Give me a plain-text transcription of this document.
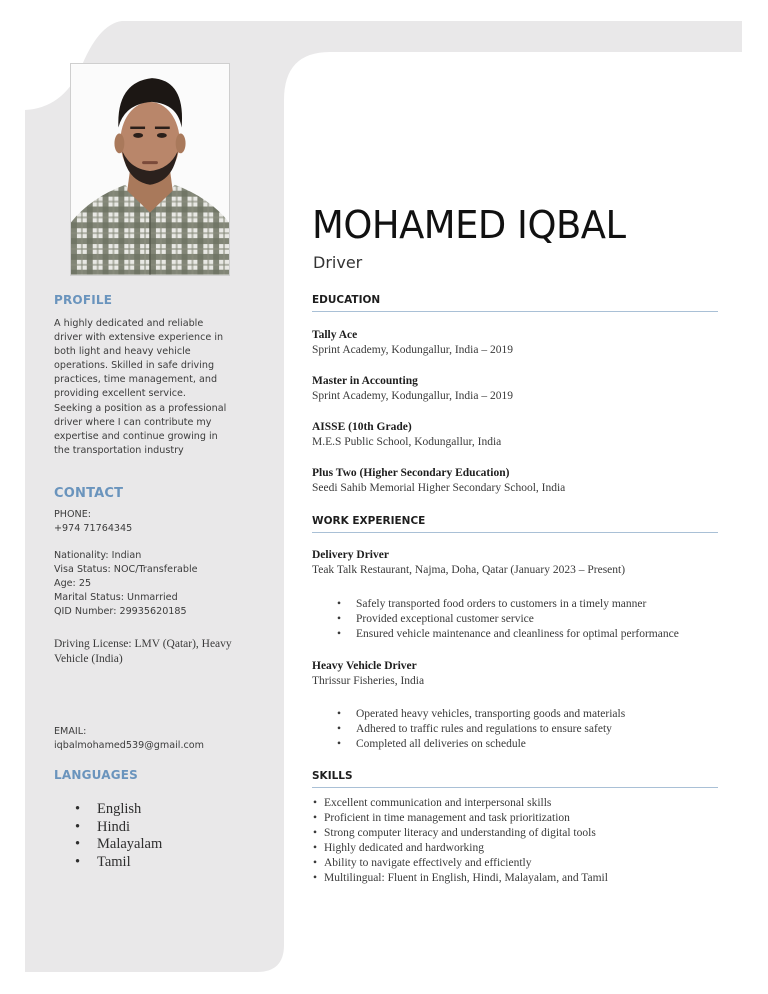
PROFILE
A highly dedicated and reliable
driver with extensive experience in
both light and heavy vehicle
operations. Skilled in safe driving
practices, time management, and
providing excellent service.
Seeking a position as a professional
driver where I can contribute my
expertise and continue growing in
the transportation industry
CONTACT
PHONE:
+974 71764345
Nationality: Indian
Visa Status: NOC/Transferable
Age: 25
Marital Status: Unmarried
QID Number: 29935620185
Driving License: LMV (Qatar), Heavy
Vehicle (India)
EMAIL:
iqbalmohamed539@gmail.com
LANGUAGES
• English
• Hindi
• Malayalam
• Tamil
MOHAMED IQBAL
Driver
EDUCATION

Tally Ace

Sprint Academy, Kodungallur, India – 2019

Master in Accounting

Sprint Academy, Kodungallur, India – 2019

AISSE (10th Grade)

M.E.S Public School, Kodungallur, India

Plus Two (Higher Secondary Education)

Seedi Sahib Memorial Higher Secondary School, India

WORK EXPERIENCE

Delivery Driver

Teak Talk Restaurant, Najma, Doha, Qatar (January 2023 – Present)

• Safely transported food orders to customers in a timely manner
• Provided exceptional customer service
• Ensured vehicle maintenance and cleanliness for optimal performance

Heavy Vehicle Driver

Thrissur Fisheries, India

• Operated heavy vehicles, transporting goods and materials
• Adhered to traffic rules and regulations to ensure safety
• Completed all deliveries on schedule
SKILLS
• Excellent communication and interpersonal skills
• Proficient in time management and task prioritization
• Strong computer literacy and understanding of digital tools
• Highly dedicated and hardworking
• Ability to navigate effectively and efficiently
• Multilingual: Fluent in English, Hindi, Malayalam, and Tamil
